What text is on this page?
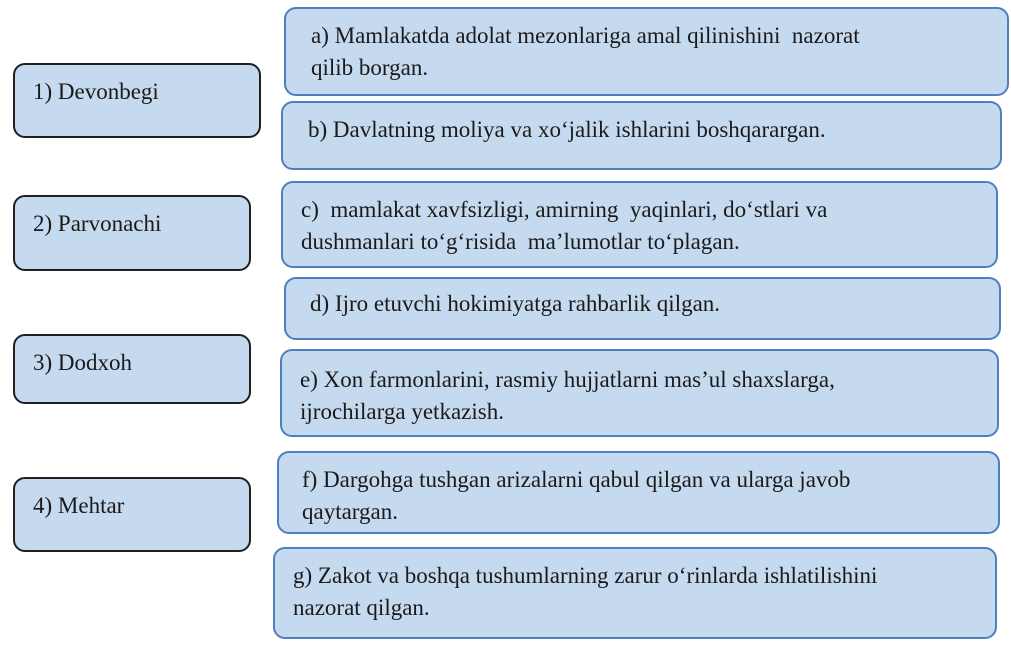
1) Devonbegi
2) Parvonachi
3) Dodxoh
4) Mehtar
a) Mamlakatda adolat mezonlariga amal qilinishini  nazorat
qilib borgan.
b) Davlatning moliya va xo‘jalik ishlarini boshqarargan.
c)  mamlakat xavfsizligi, amirning  yaqinlari, do‘stlari va
dushmanlari to‘g‘risida  ma’lumotlar to‘plagan.
d) Ijro etuvchi hokimiyatga rahbarlik qilgan.
e) Xon farmonlarini, rasmiy hujjatlarni mas’ul shaxslarga,
ijrochilarga yetkazish.
f) Dargohga tushgan arizalarni qabul qilgan va ularga javob
qaytargan.
g) Zakot va boshqa tushumlarning zarur o‘rinlarda ishlatilishini
nazorat qilgan.
